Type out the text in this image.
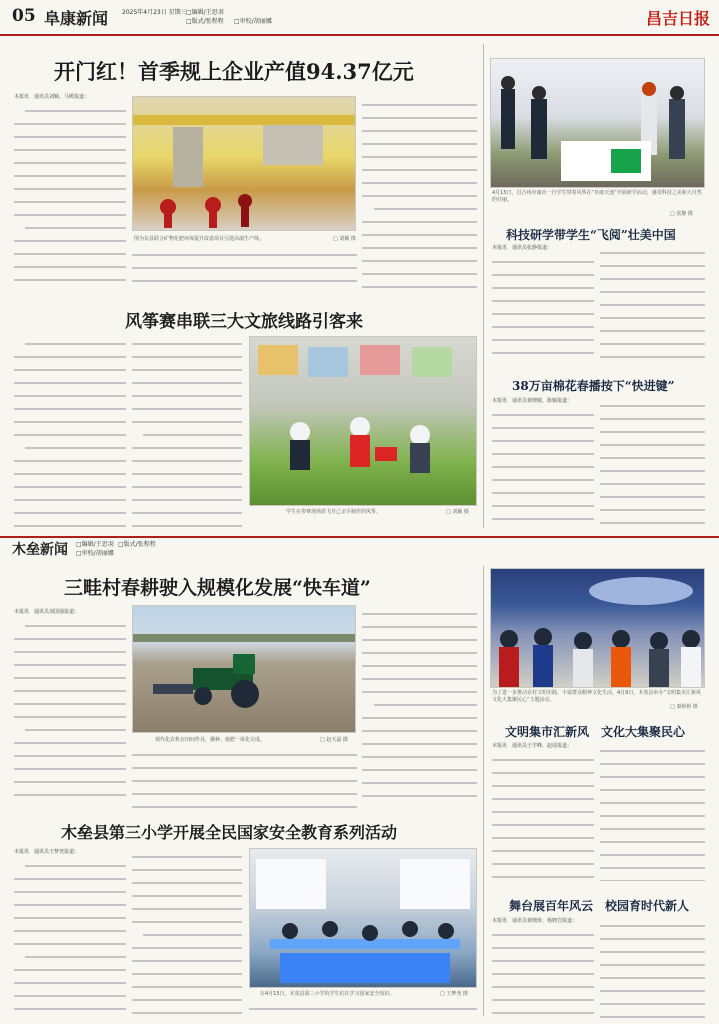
05 阜康新闻 2025年4月23日 星期三 □编辑/王思羽
□版式/张程程 □审校/胡丽娜	昌吉日报
开门红！首季规上企业产值94.37亿元
本报讯　通讯员刘颖、马媛报道：
图为东县联合矿物化肥环保提升改造项目引进高端生产线。	□ 刘颖 摄
4月15日，昌吉州阜康市一行学生带着风筝在“阜康天池”开展研学活动，感受科技之美和大自然的壮丽。
□ 张静 摄
科技研学带学生“飞阅”壮美中国
本报讯　通讯员张静报道：
38万亩棉花春播按下“快进键”
本报讯　通讯员黄晓敏、陈颖报道：
风筝赛串联三大文旅线路引客来
学生在参赛现场放飞自己亲手制作的风筝。	□ 刘颖 摄
木垒新闻 □编辑/王思羽 □版式/张程程
□审校/胡丽娜
三畦村春耕驶入规模化发展“快车道”
本报讯　通讯员刘国强报道：
现代化农机在田间作业，播种、施肥一体化完成。	□ 赵天磊 摄
为了进一步推动农村文明实践、丰富群众精神文化生活，4月9日，木垒县举办“文明集市汇新风 文化大集聚民心”主题活动。
□ 秦婷婷 摄
文明集市汇新风　文化大集聚民心
本报讯　通讯员王学峰、赵瑶报道：
木垒县第三小学开展全民国家安全教育系列活动
本报讯　通讯员王梦尧报道：
在4月15日，木垒县第三小学的学生们在学习国家安全知识。	□ 王梦尧 摄
舞台展百年风云　校园育时代新人
本报讯　通讯员黄晓涛、杨晓岩报道：
